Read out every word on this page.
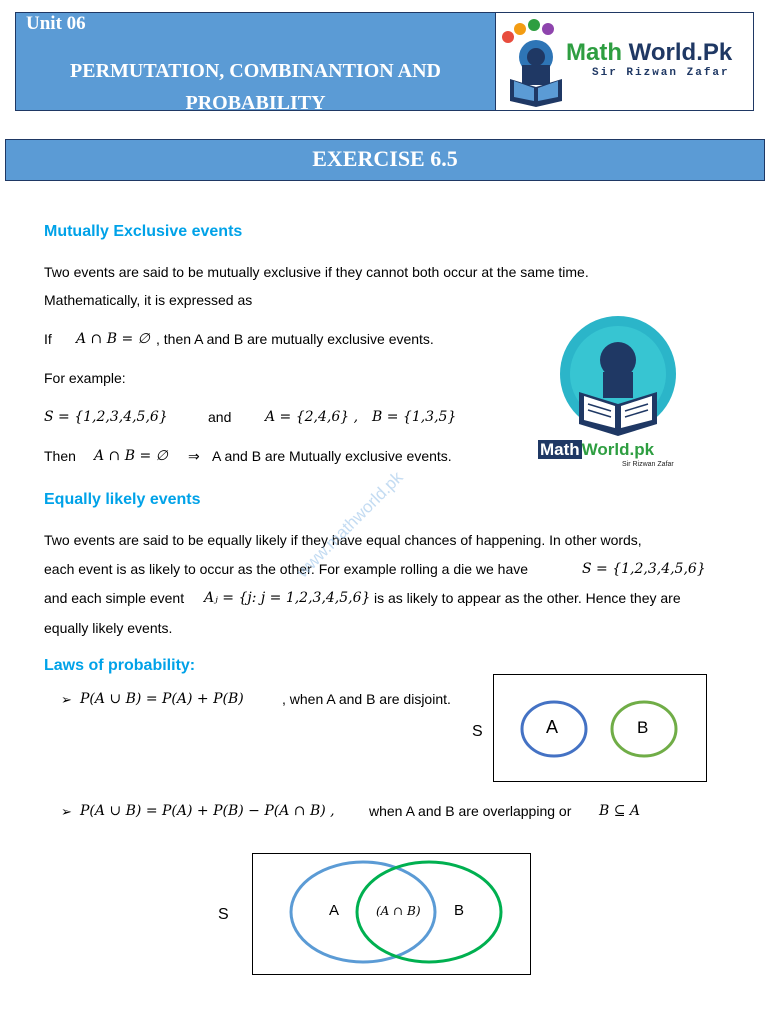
Unit 06
PERMUTATION, COMBINANTION AND
PROBABILITY
Math World.Pk
Sir Rizwan Zafar
EXERCISE 6.5
Mutually Exclusive events
Two events are said to be mutually exclusive if they cannot both occur at the same time.
Mathematically, it is expressed as
If A ∩ B = ∅ , then A and B are mutually exclusive events.
For example:
S = {1,2,3,4,5,6}	and A = {2,4,6} , B = {1,3,5}
Then A ∩ B = ∅ ⇒ A and B are Mutually exclusive events.	Math World.pk
Sir Rizwan Zafar
Equally likely events
Two events are said to be equally likely if they have equal chances of happening. In other words,
each event is as likely to occur as the other. For example rolling a die we have	S = {1,2,3,4,5,6}
and each simple event Aⱼ = {j: j = 1,2,3,4,5,6} is as likely to appear as the other. Hence they are
equally likely events.
www.mathworld.pk
Laws of probability:
➢ P(A ∪ B) = P(A) + P(B)	, when A and B are disjoint.
S	A	B
➢ P(A ∪ B) = P(A) + P(B) − P(A ∩ B) , when A and B are overlapping or B ⊆ A
S	A	(A ∩ B) B
